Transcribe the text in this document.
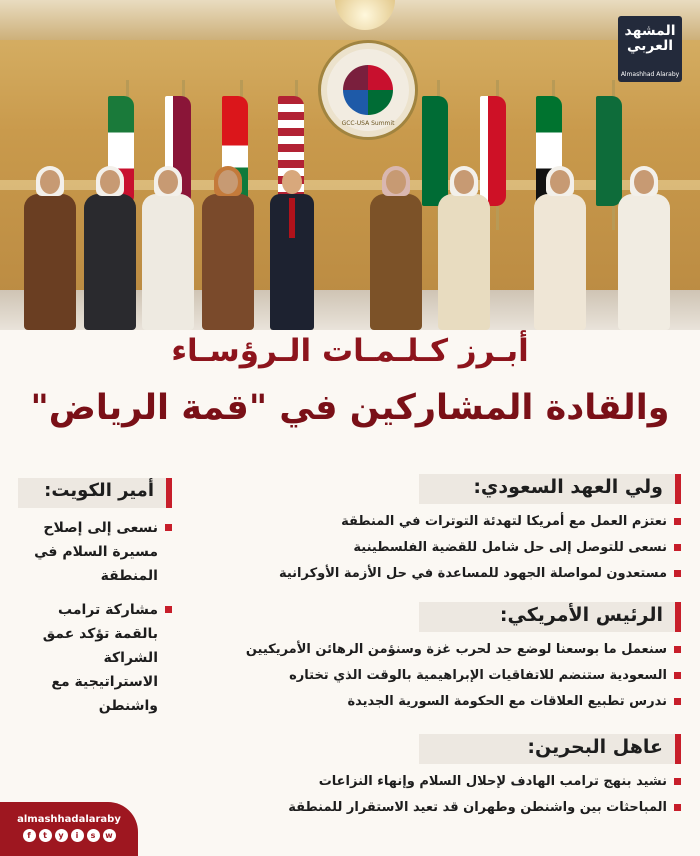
GCC-USA Summit
المشهد العربي
Almashhad Alaraby
أبـرز كـلـمـات الـرؤسـاء
والقادة المشاركين في "قمة الرياض"
ولي العهد السعودي:
نعتزم العمل مع أمريكا لتهدئة التوترات في المنطقة
نسعى للتوصل إلى حل شامل للقضية الفلسطينية
مستعدون لمواصلة الجهود للمساعدة في حل الأزمة الأوكرانية
الرئيس الأمريكي:
سنعمل ما بوسعنا لوضع حد لحرب غزة وسنؤمن الرهائن الأمريكيين
السعودية ستنضم للاتفاقيات الإبراهيمية بالوقت الذي تختاره
ندرس تطبيع العلاقات مع الحكومة السورية الجديدة
عاهل البحرين:
نشيد بنهج ترامب الهادف لإحلال السلام وإنهاء النزاعات
المباحثات بين واشنطن وطهران قد تعيد الاستقرار للمنطقة
أمير الكويت:
نسعى إلى إصلاح مسيرة السلام في المنطقة
مشاركة ترامب بالقمة تؤكد عمق الشراكة الاستراتيجية مع واشنطن
almashhadalaraby
f	t	y	i	s	w
